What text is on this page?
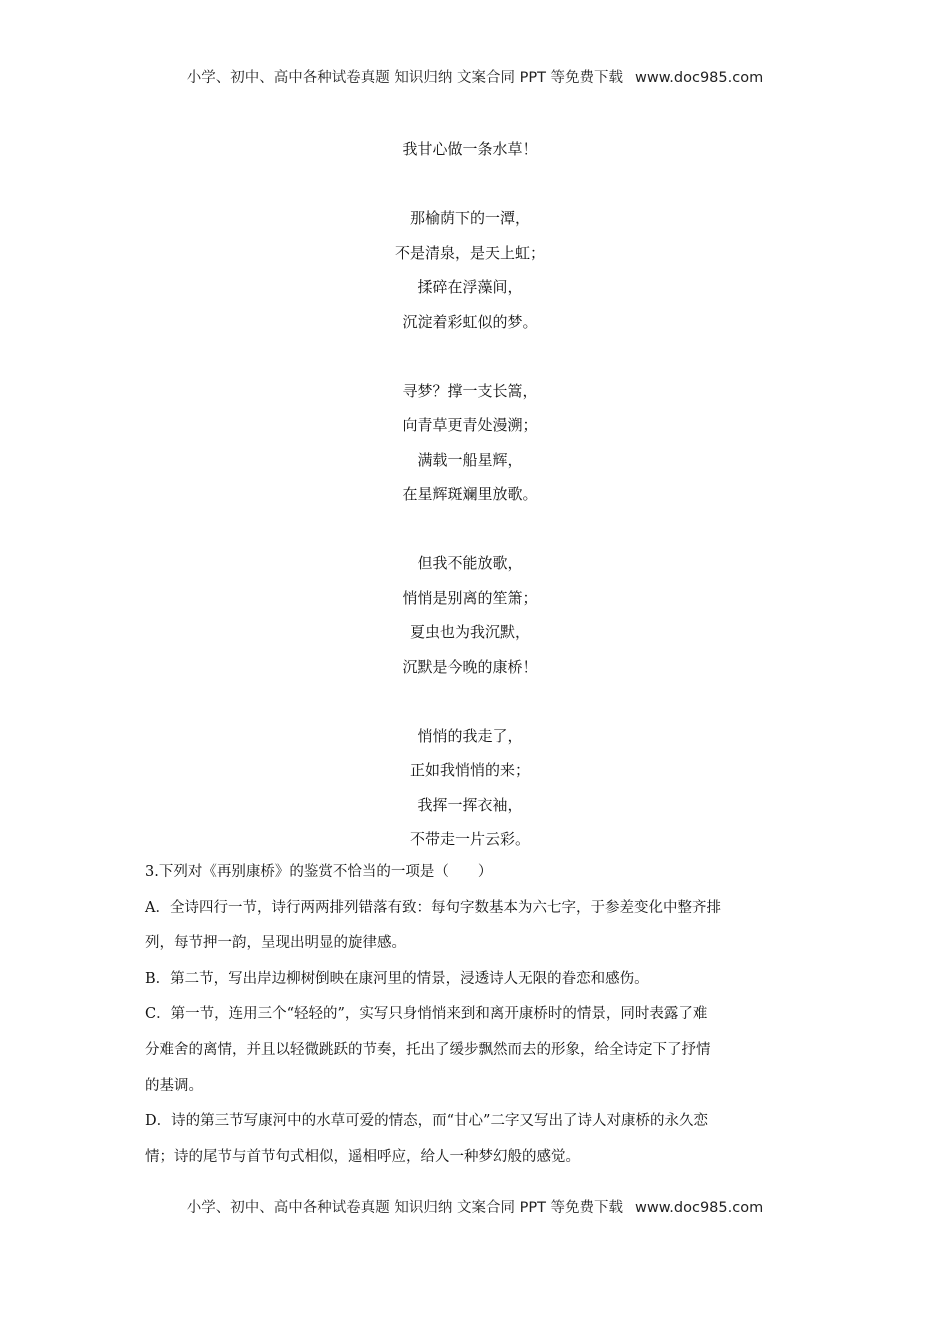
小学、初中、高中各种试卷真题 知识归纳 文案合同 PPT 等免费下载 www.doc985.com
我甘心做一条水草！
那榆荫下的一潭，
不是清泉，是天上虹；
揉碎在浮藻间，
沉淀着彩虹似的梦。
寻梦？撑一支长篙，
向青草更青处漫溯；
满载一船星辉，
在星辉斑斓里放歌。
但我不能放歌，
悄悄是别离的笙箫；
夏虫也为我沉默，
沉默是今晚的康桥！
悄悄的我走了，
正如我悄悄的来；
我挥一挥衣袖，
不带走一片云彩。
3.下列对《再别康桥》的鉴赏不恰当的一项是（　　）
A．全诗四行一节，诗行两两排列错落有致：每句字数基本为六七字，于参差变化中整齐排
列，每节押一韵，呈现出明显的旋律感。
B．第二节，写出岸边柳树倒映在康河里的情景，浸透诗人无限的眷恋和感伤。
C．第一节，连用三个“轻轻的”，实写只身悄悄来到和离开康桥时的情景，同时表露了难
分难舍的离情，并且以轻微跳跃的节奏，托出了缓步飘然而去的形象，给全诗定下了抒情
的基调。
D．诗的第三节写康河中的水草可爱的情态，而“甘心”二字又写出了诗人对康桥的永久恋
情；诗的尾节与首节句式相似，遥相呼应，给人一种梦幻般的感觉。
小学、初中、高中各种试卷真题 知识归纳 文案合同 PPT 等免费下载 www.doc985.com
